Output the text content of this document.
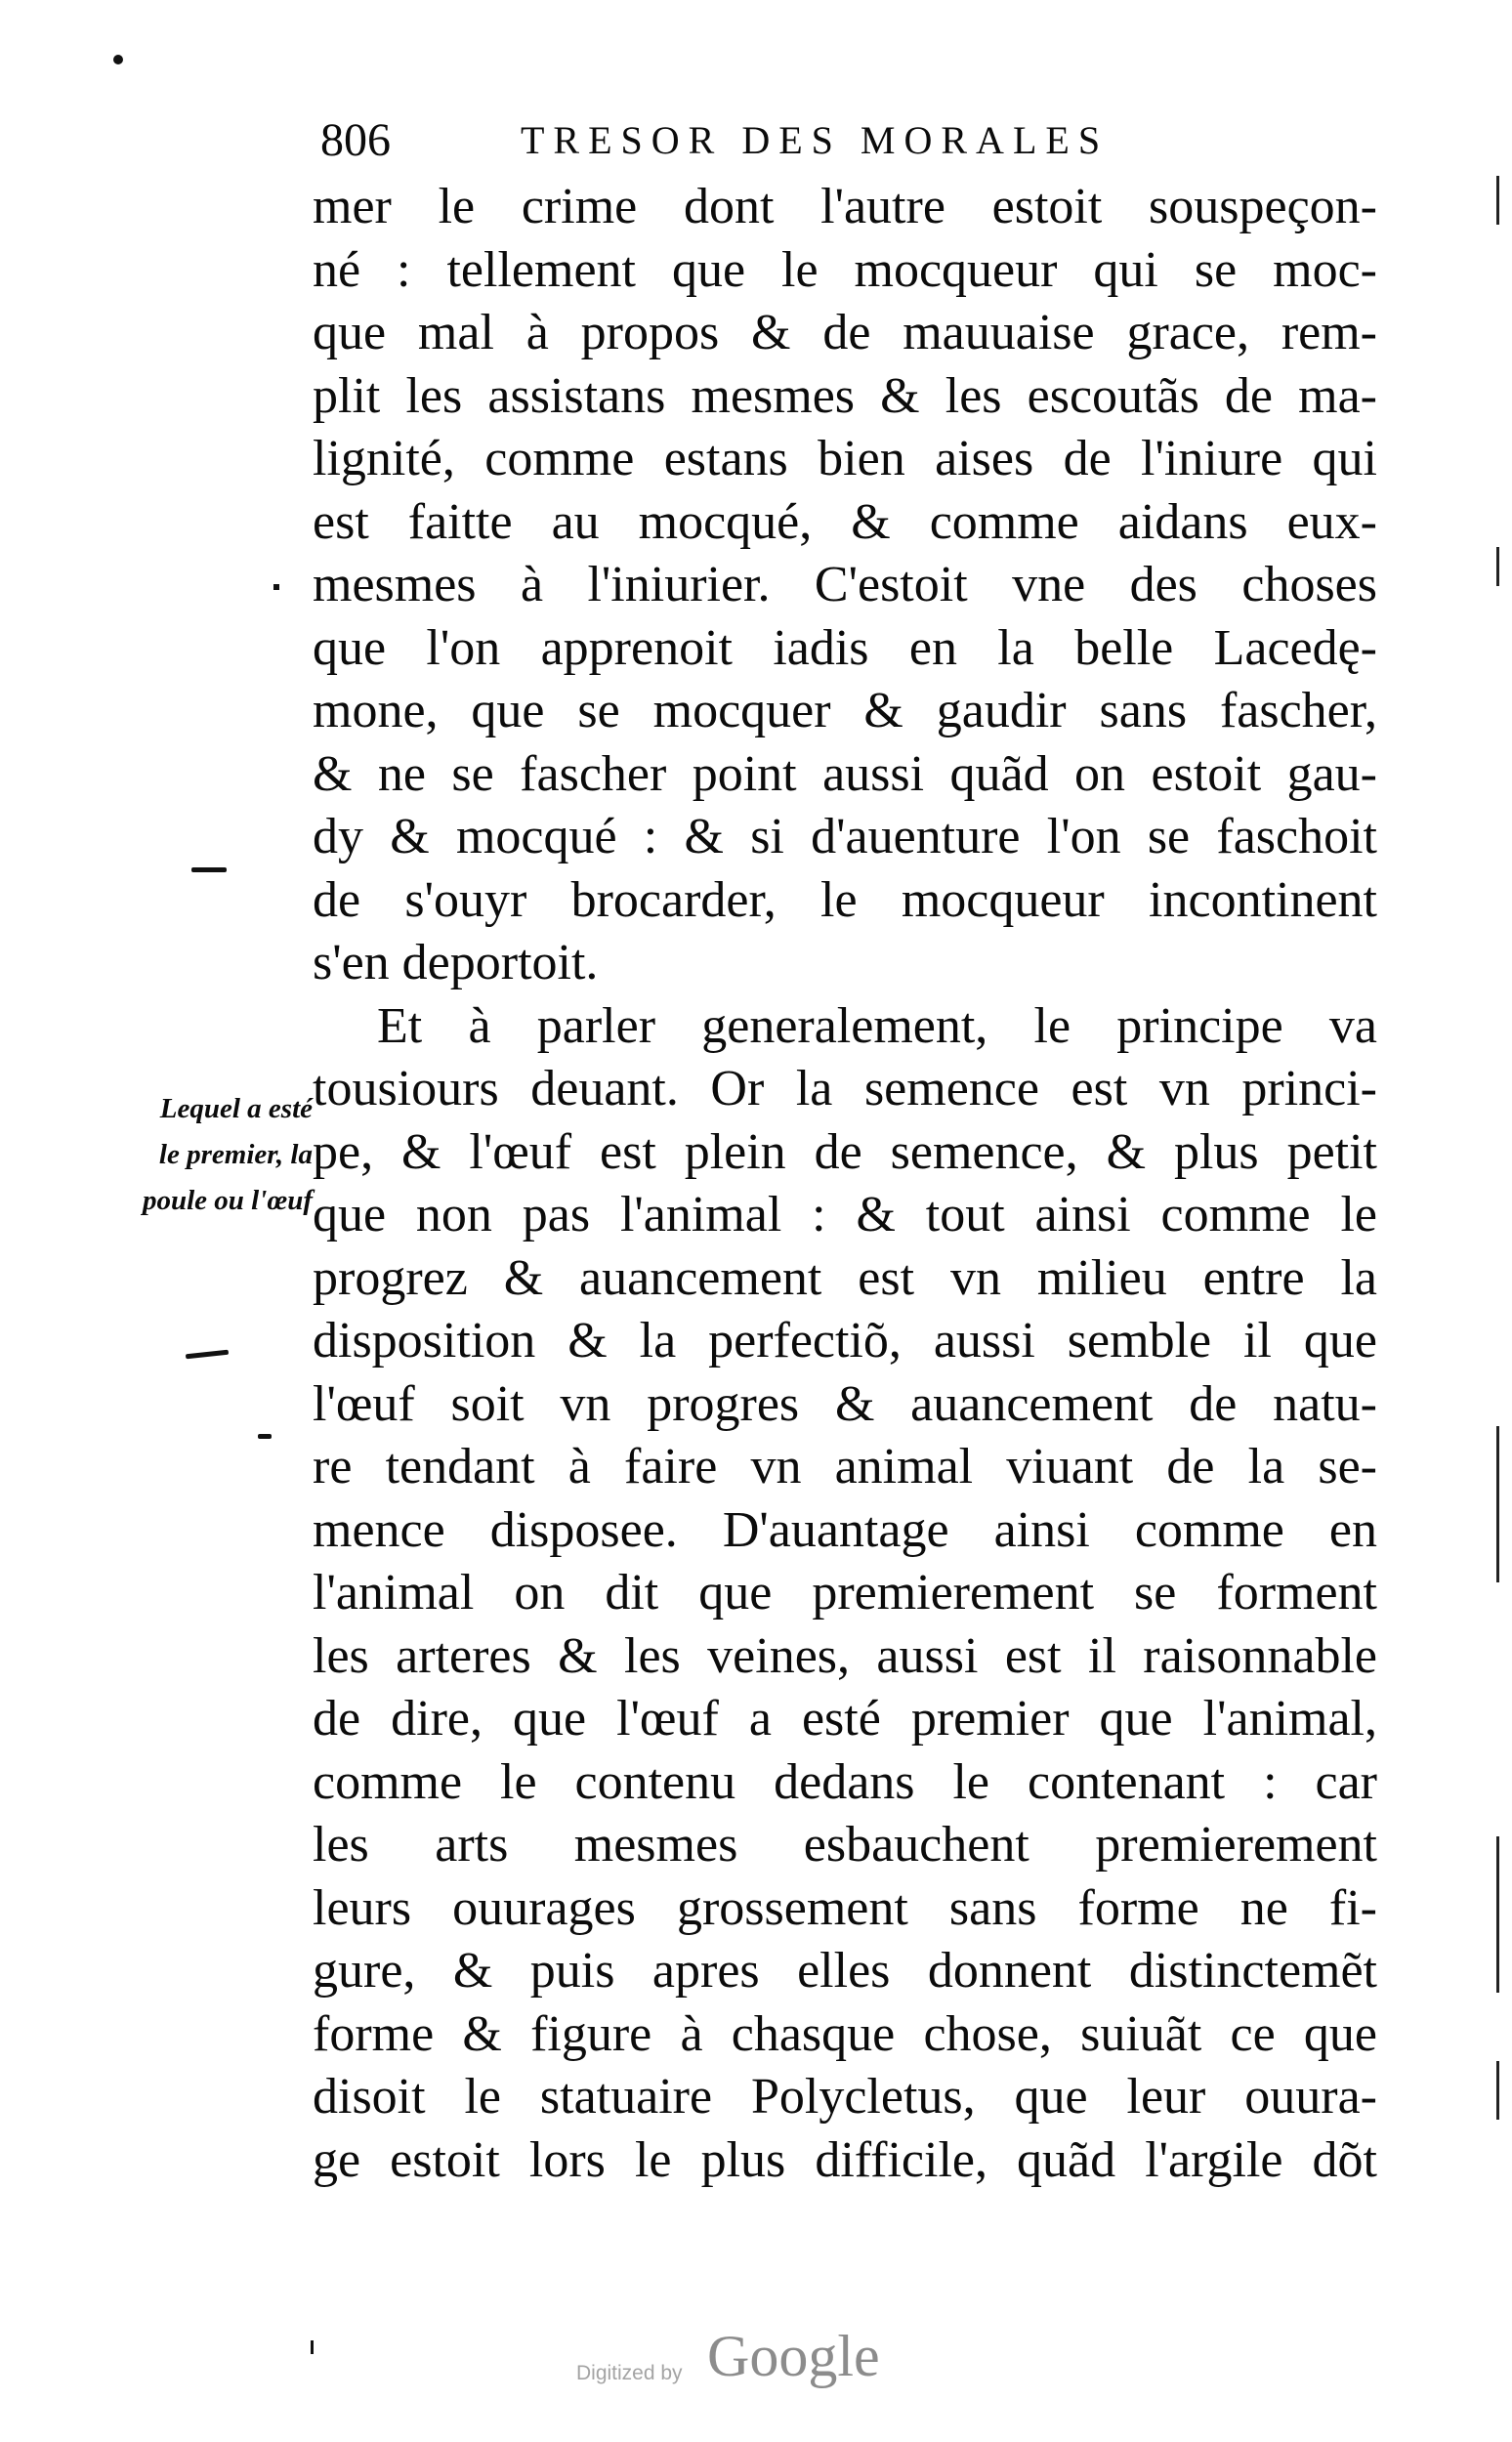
806	TRESOR DES MORALES
Lequel a esté
le premier, la
poule ou l'œuf
mer le crime dont l'autre estoit souspeçon-
né : tellement que le mocqueur qui se moc-
que mal à propos & de mauuaise grace, rem-
plit les assistans mesmes & les escoutãs de ma-
lignité, comme estans bien aises de l'iniure qui
est faitte au mocqué, & comme aidans eux-
mesmes à l'iniurier. C'estoit vne des choses
que l'on apprenoit iadis en la belle Lacedę-
mone, que se mocquer & gaudir sans fascher,
& ne se fascher point aussi quãd on estoit gau-
dy & mocqué : & si d'auenture l'on se faschoit
de s'ouyr brocarder, le mocqueur incontinent
s'en deportoit.
Et à parler generalement, le principe va
tousiours deuant. Or la semence est vn princi-
pe, & l'œuf est plein de semence, & plus petit
que non pas l'animal : & tout ainsi comme le
progrez & auancement est vn milieu entre la
disposition & la perfectiõ, aussi semble il que
l'œuf soit vn progres & auancement de natu-
re tendant à faire vn animal viuant de la se-
mence disposee. D'auantage ainsi comme en
l'animal on dit que premierement se forment
les arteres & les veines, aussi est il raisonnable
de dire, que l'œuf a esté premier que l'animal,
comme le contenu dedans le contenant : car
les arts mesmes esbauchent premierement
leurs ouurages grossement sans forme ne fi-
gure, & puis apres elles donnent distinctemẽt
forme & figure à chasque chose, suiuãt ce que
disoit le statuaire Polycletus, que leur ouura-
ge estoit lors le plus difficile, quãd l'argile dõt
Digitized by Google
